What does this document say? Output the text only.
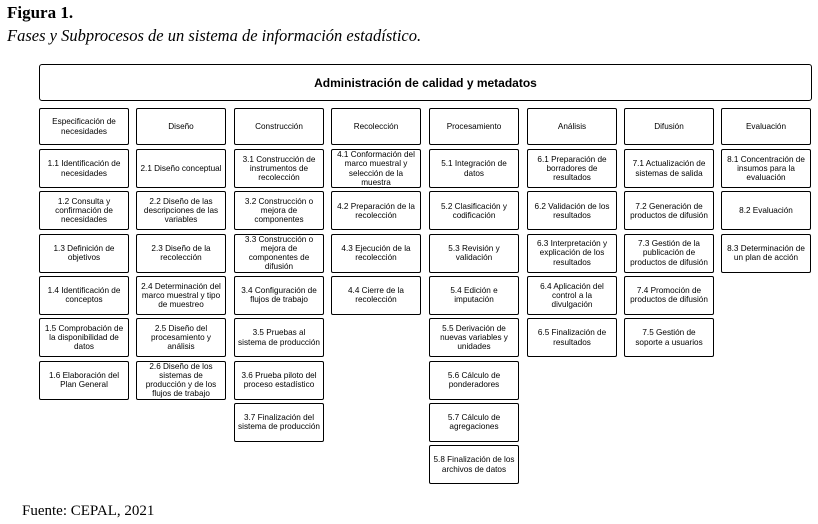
Figura 1.
Fases y Subprocesos de un sistema de información estadístico.
Administración de calidad y metadatos
Especificación de necesidades
1.1 Identificación de necesidades
1.2 Consulta y confirmación de necesidades
1.3 Definición de objetivos
1.4 Identificación de conceptos
1.5 Comprobación de la disponibilidad de datos
1.6 Elaboración del Plan General
Diseño
2.1 Diseño conceptual
2.2 Diseño de las descripciones de las variables
2.3 Diseño de la recolección
2.4 Determinación del marco muestral y tipo de muestreo
2.5 Diseño del procesamiento y análisis
2.6 Diseño de los sistemas de producción y de los flujos de trabajo
Construcción
3.1 Construcción de instrumentos de recolección
3.2 Construcción o mejora de componentes
3.3 Construcción o mejora de componentes de difusión
3.4 Configuración de flujos de trabajo
3.5 Pruebas al sistema de producción
3.6 Prueba piloto del proceso estadístico
3.7 Finalización del sistema de producción
Recolección
4.1 Conformación del marco muestral y selección de la muestra
4.2 Preparación de la recolección
4.3 Ejecución de la recolección
4.4 Cierre de la recolección
Procesamiento
5.1 Integración de datos
5.2 Clasificación y codificación
5.3 Revisión y validación
5.4 Edición e imputación
5.5 Derivación de nuevas variables y unidades
5.6 Cálculo de ponderadores
5.7 Cálculo de agregaciones
5.8 Finalización de los archivos de datos
Análisis
6.1 Preparación de borradores de resultados
6.2 Validación de los resultados
6.3 Interpretación y explicación de los resultados
6.4 Aplicación del control a la divulgación
6.5 Finalización de resultados
Difusión
7.1 Actualización de sistemas de salida
7.2 Generación de productos de difusión
7.3 Gestión de la publicación de productos de difusión
7.4 Promoción de productos de difusión
7.5 Gestión de soporte a usuarios
Evaluación
8.1 Concentración de insumos para la evaluación
8.2 Evaluación
8.3 Determinación de un plan de acción
Fuente: CEPAL, 2021
